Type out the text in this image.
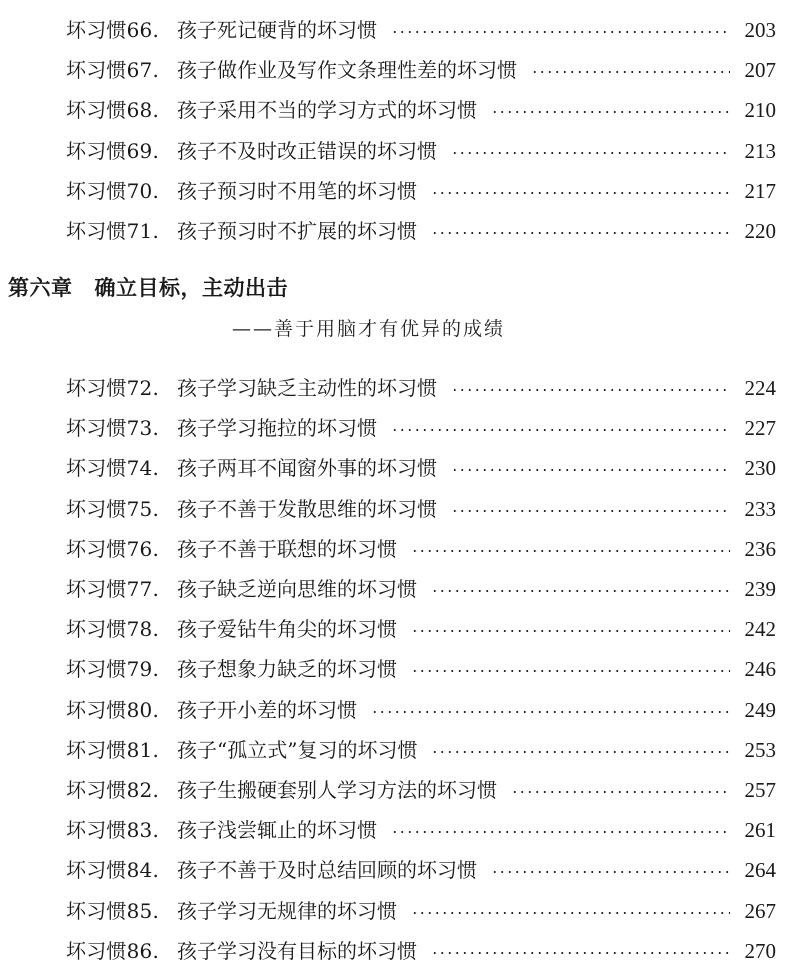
坏习惯66. 孩子死记硬背的坏习惯	203
坏习惯67. 孩子做作业及写作文条理性差的坏习惯	207
坏习惯68. 孩子采用不当的学习方式的坏习惯	210
坏习惯69. 孩子不及时改正错误的坏习惯	213
坏习惯70. 孩子预习时不用笔的坏习惯	217
坏习惯71. 孩子预习时不扩展的坏习惯	220
第六章 确立目标，主动出击
——善于用脑才有优异的成绩
坏习惯72. 孩子学习缺乏主动性的坏习惯	224
坏习惯73. 孩子学习拖拉的坏习惯	227
坏习惯74. 孩子两耳不闻窗外事的坏习惯	230
坏习惯75. 孩子不善于发散思维的坏习惯	233
坏习惯76. 孩子不善于联想的坏习惯	236
坏习惯77. 孩子缺乏逆向思维的坏习惯	239
坏习惯78. 孩子爱钻牛角尖的坏习惯	242
坏习惯79. 孩子想象力缺乏的坏习惯	246
坏习惯80. 孩子开小差的坏习惯	249
坏习惯81. 孩子“孤立式”复习的坏习惯	253
坏习惯82. 孩子生搬硬套别人学习方法的坏习惯	257
坏习惯83. 孩子浅尝辄止的坏习惯	261
坏习惯84. 孩子不善于及时总结回顾的坏习惯	264
坏习惯85. 孩子学习无规律的坏习惯	267
坏习惯86. 孩子学习没有目标的坏习惯	270
